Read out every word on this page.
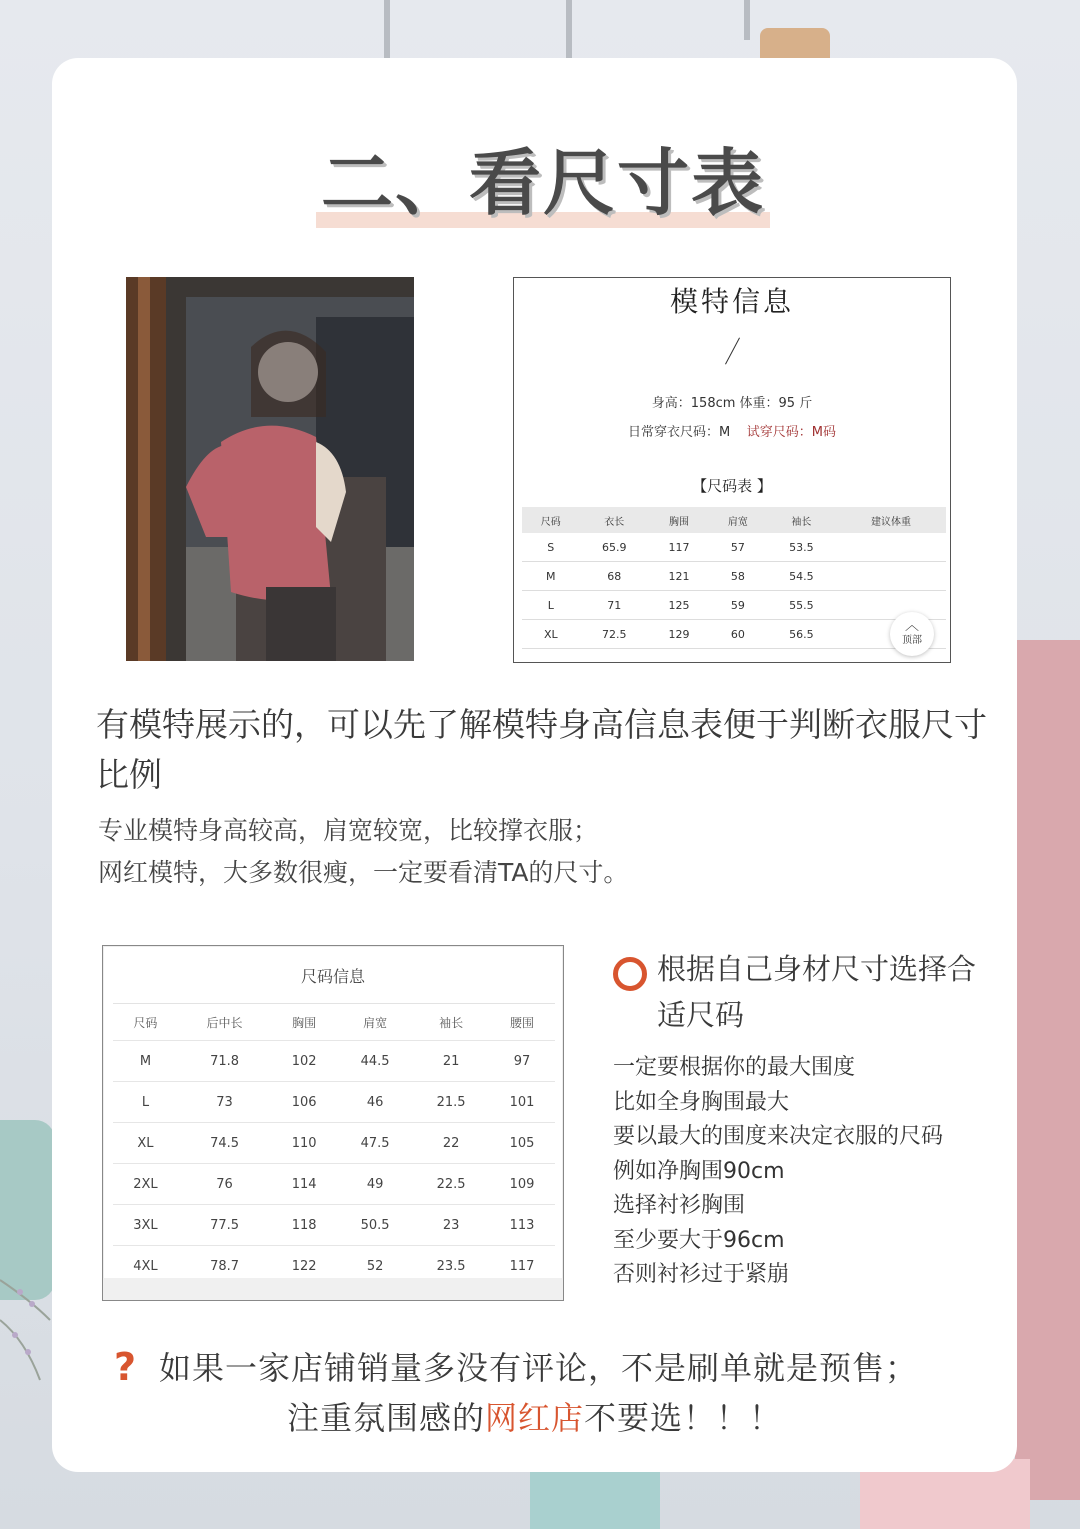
二、看尺寸表
模特信息
身高：158cm 体重：95 斤
日常穿衣尺码：M 试穿尺码：M码
【尺码表 】
尺码	衣长	胸围	肩宽	袖长	建议体重
S	65.9	117	57	53.5	
M	68	121	58	54.5	
L	71	125	59	55.5	
XL	72.5	129	60	56.5		︿
顶部
有模特展示的，可以先了解模特身高信息表便于判断衣服尺寸比例
专业模特身高较高，肩宽较宽，比较撑衣服；
网红模特，大多数很瘦，一定要看清TA的尺寸。
尺码信息
尺码	后中长	胸围	肩宽	袖长	腰围
M	71.8	102	44.5	21	97
L	73	106	46	21.5	101
XL	74.5	110	47.5	22	105
2XL	76	114	49	22.5	109
3XL	77.5	118	50.5	23	113
4XL	78.7	122	52	23.5	117
根据自己身材尺寸选择合适尺码
一定要根据你的最大围度
比如全身胸围最大
要以最大的围度来决定衣服的尺码
例如净胸围90cm
选择衬衫胸围
至少要大于96cm
否则衬衫过于紧崩
? 如果一家店铺销量多没有评论，不是刷单就是预售；
注重氛围感的网红店不要选！！！
